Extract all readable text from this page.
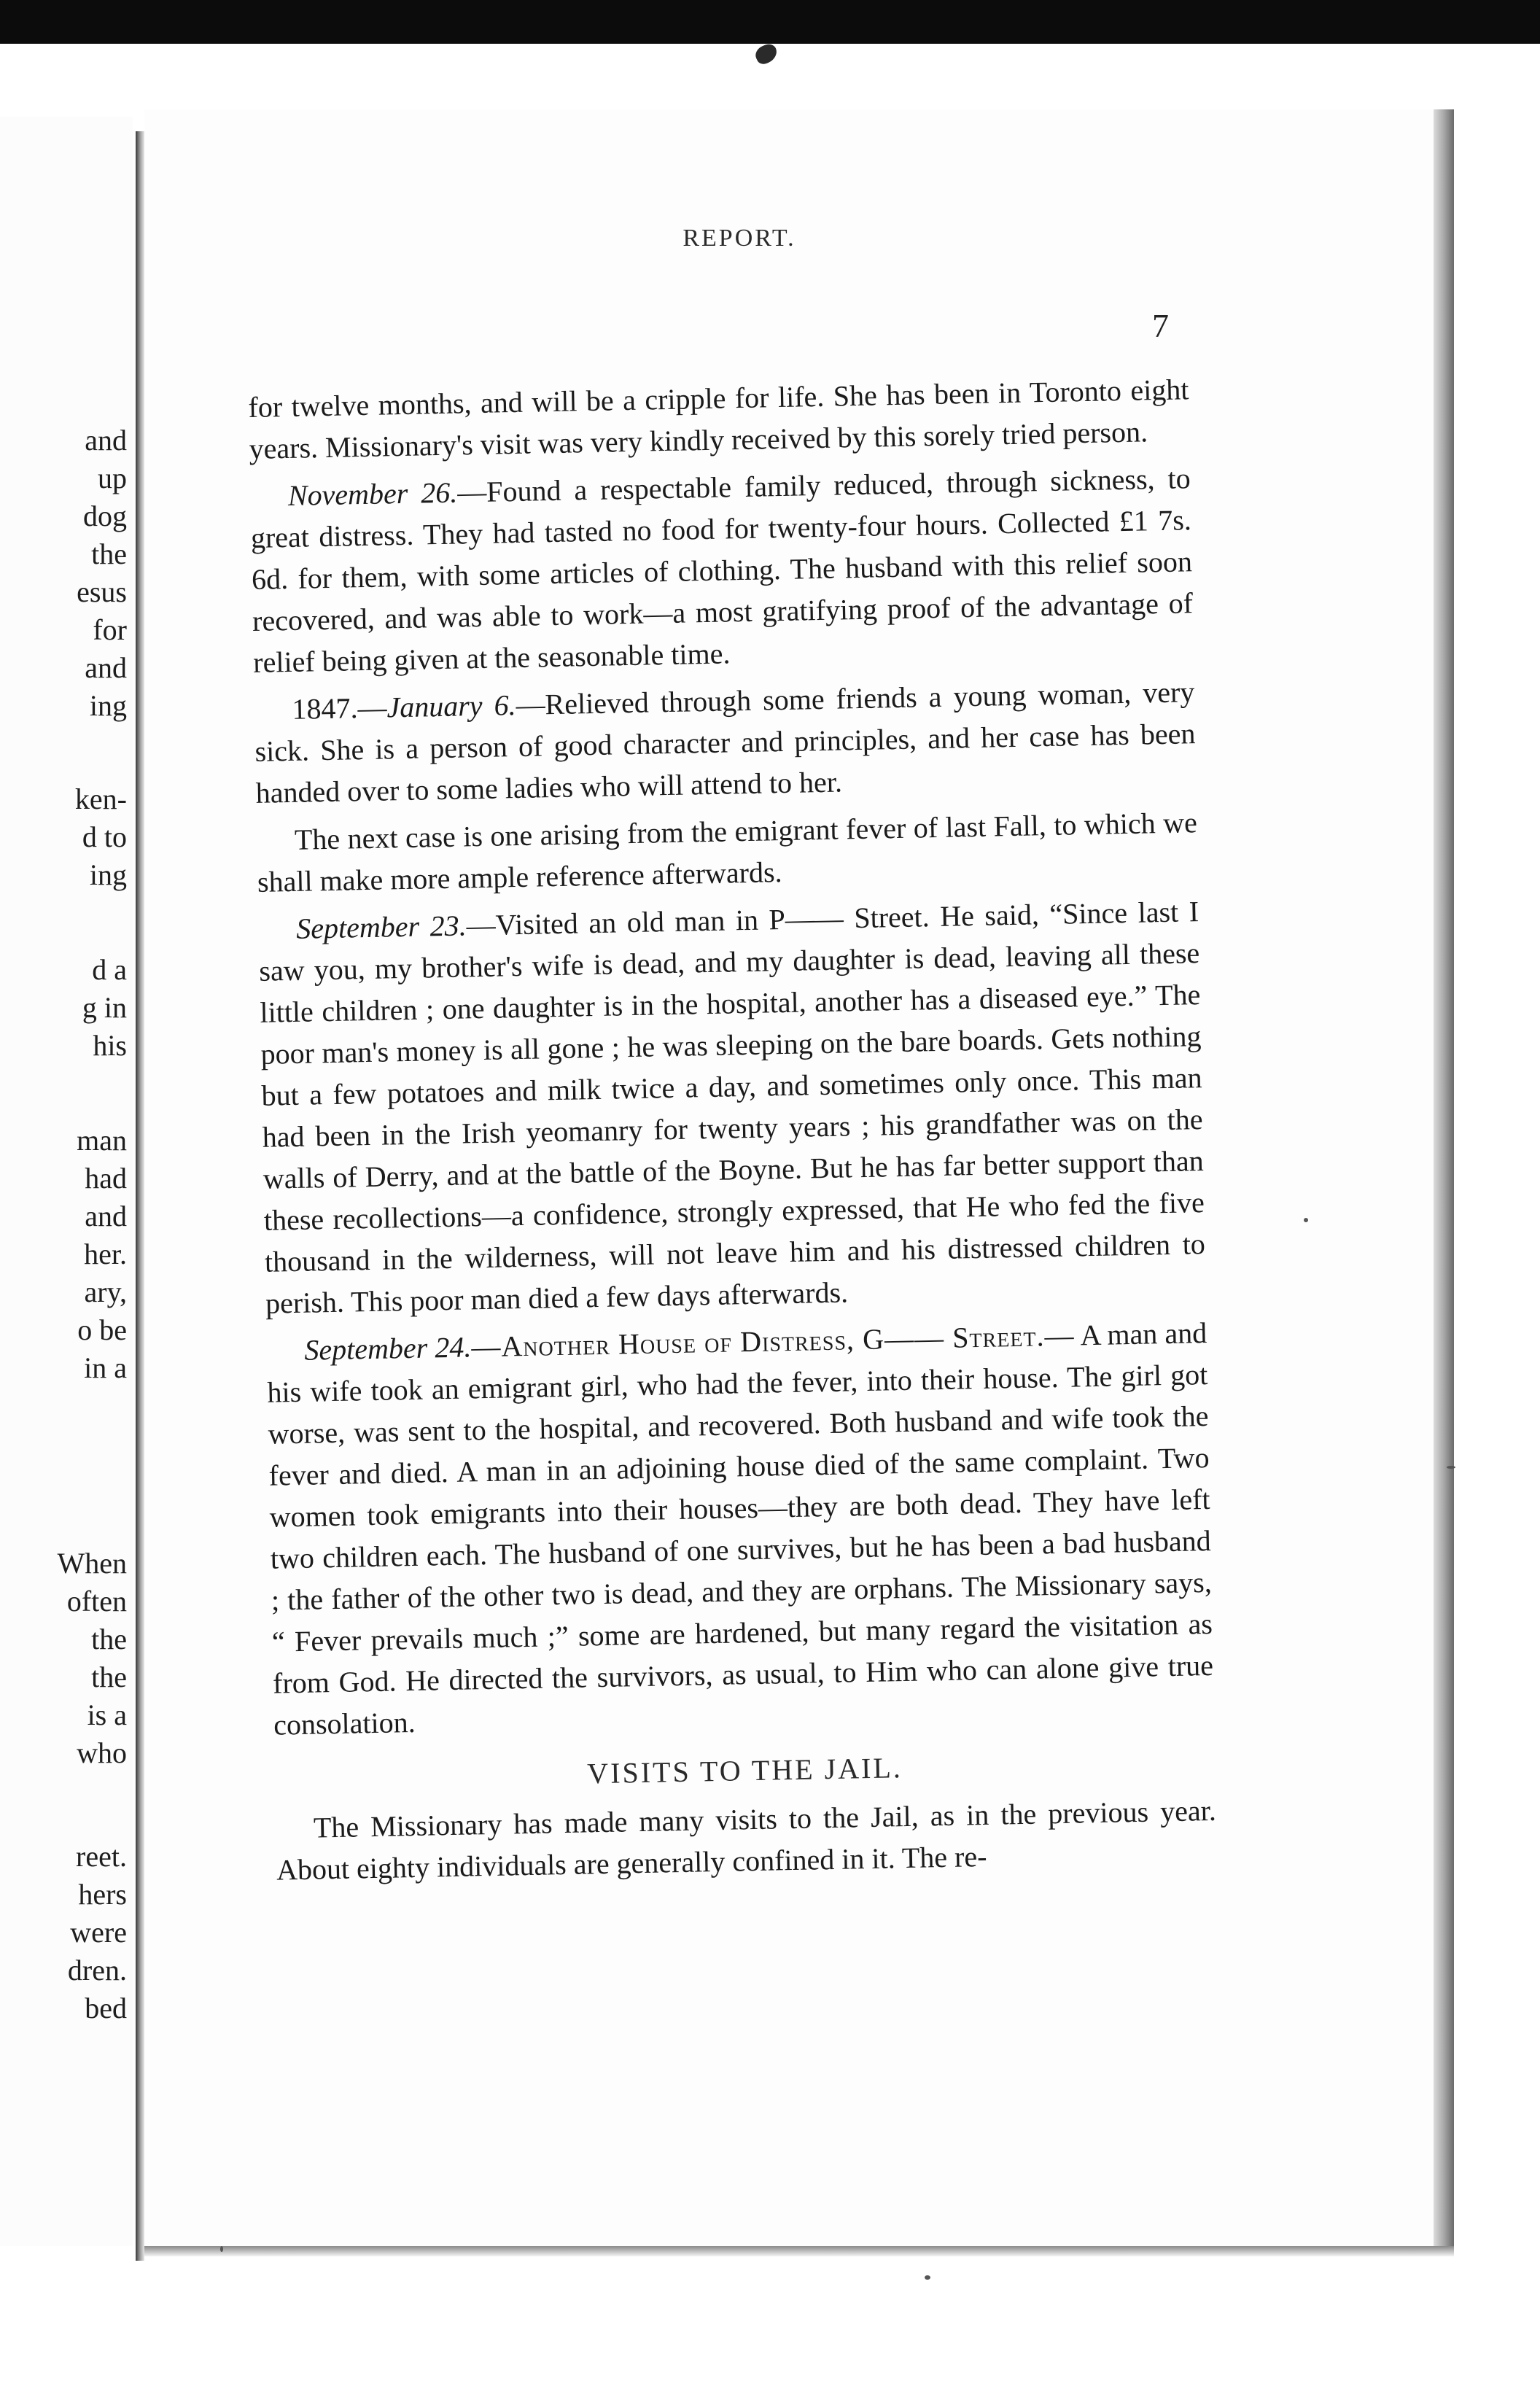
and
up
dog
the
esus
for
and
ing
ken-
d to
ing
d a
g in
his
man
had
and
her.
ary,
o be
in a
When
often
the
the
is a
who
reet.
hers
were
dren.
bed
REPORT.
7

for twelve months, and will be a cripple for life. She has been in Toronto eight years. Missionary's visit was very kindly received by this sorely tried person.

November 26.—Found a respectable family reduced, through sickness, to great distress. They had tasted no food for twenty-four hours. Collected £1 7s. 6d. for them, with some articles of clothing. The husband with this relief soon recovered, and was able to work—a most gratifying proof of the advantage of relief being given at the seasonable time.

1847.—January 6.—Relieved through some friends a young woman, very sick. She is a person of good character and principles, and her case has been handed over to some ladies who will attend to her.

The next case is one arising from the emigrant fever of last Fall, to which we shall make more ample reference afterwards.

September 23.—Visited an old man in P—— Street. He said, “Since last I saw you, my brother's wife is dead, and my daughter is dead, leaving all these little children ; one daughter is in the hospital, another has a diseased eye.” The poor man's money is all gone ; he was sleeping on the bare boards. Gets nothing but a few potatoes and milk twice a day, and sometimes only once. This man had been in the Irish yeomanry for twenty years ; his grandfather was on the walls of Derry, and at the battle of the Boyne. But he has far better support than these recollections—a confidence, strongly expressed, that He who fed the five thousand in the wilderness, will not leave him and his distressed children to perish. This poor man died a few days afterwards.

September 24.—Another House of Distress, G—— Street.— A man and his wife took an emigrant girl, who had the fever, into their house. The girl got worse, was sent to the hospital, and recovered. Both husband and wife took the fever and died. A man in an adjoining house died of the same complaint. Two women took emigrants into their houses—they are both dead. They have left two children each. The husband of one survives, but he has been a bad husband ; the father of the other two is dead, and they are orphans. The Missionary says, “ Fever prevails much ;” some are hardened, but many regard the visitation as from God. He directed the survivors, as usual, to Him who can alone give true consolation.

VISITS TO THE JAIL.

The Missionary has made many visits to the Jail, as in the previous year. About eighty individuals are generally confined in it. The re-
